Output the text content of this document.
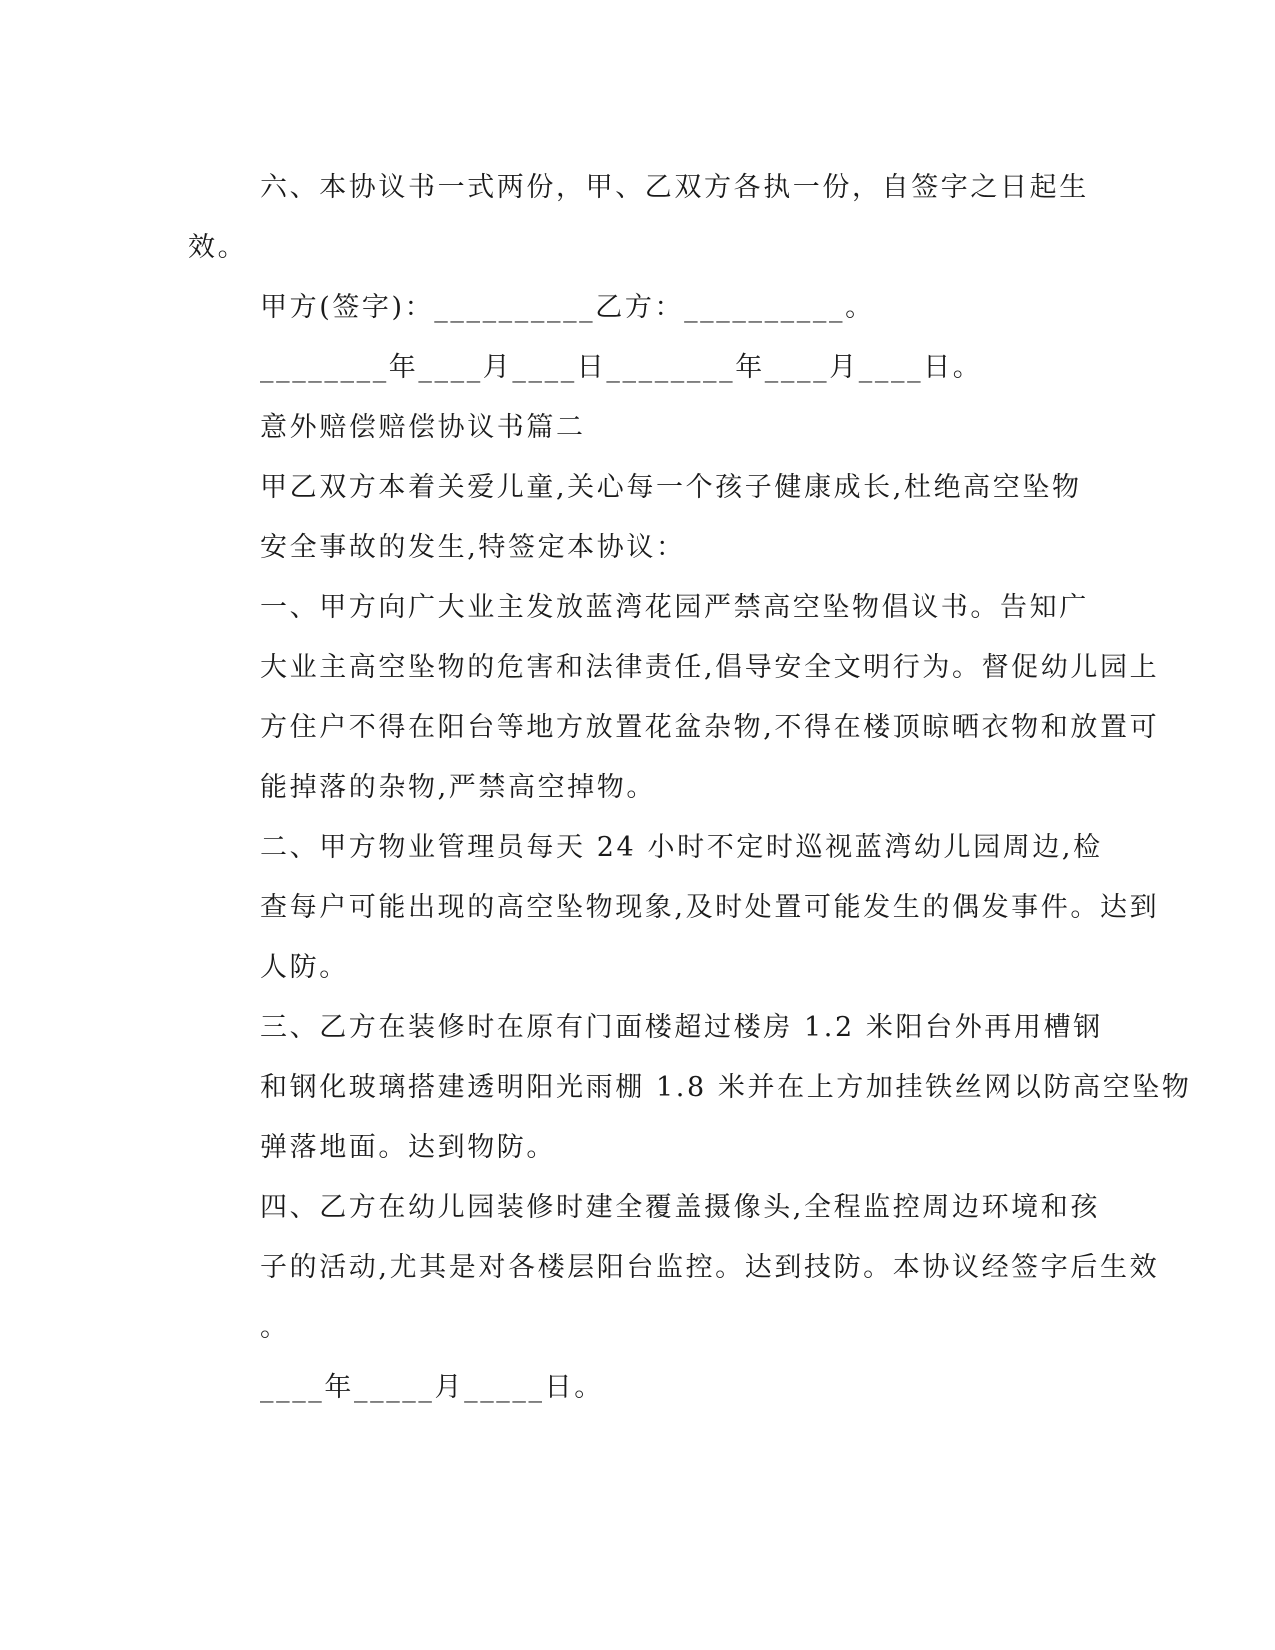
六、本协议书一式两份，甲、乙双方各执一份，自签字之日起生
效。

甲方(签字)：__________乙方：__________。

________年____月____日________年____月____日。

意外赔偿赔偿协议书篇二

甲乙双方本着关爱儿童,关心每一个孩子健康成长,杜绝高空坠物
安全事故的发生,特签定本协议：

一、甲方向广大业主发放蓝湾花园严禁高空坠物倡议书。告知广
大业主高空坠物的危害和法律责任,倡导安全文明行为。督促幼儿园上
方住户不得在阳台等地方放置花盆杂物,不得在楼顶晾晒衣物和放置可
能掉落的杂物,严禁高空掉物。

二、甲方物业管理员每天 24 小时不定时巡视蓝湾幼儿园周边,检
查每户可能出现的高空坠物现象,及时处置可能发生的偶发事件。达到
人防。

三、乙方在装修时在原有门面楼超过楼房 1.2 米阳台外再用槽钢
和钢化玻璃搭建透明阳光雨棚 1.8 米并在上方加挂铁丝网以防高空坠物
弹落地面。达到物防。

四、乙方在幼儿园装修时建全覆盖摄像头,全程监控周边环境和孩
子的活动,尤其是对各楼层阳台监控。达到技防。本协议经签字后生效
。

____年_____月_____日。
